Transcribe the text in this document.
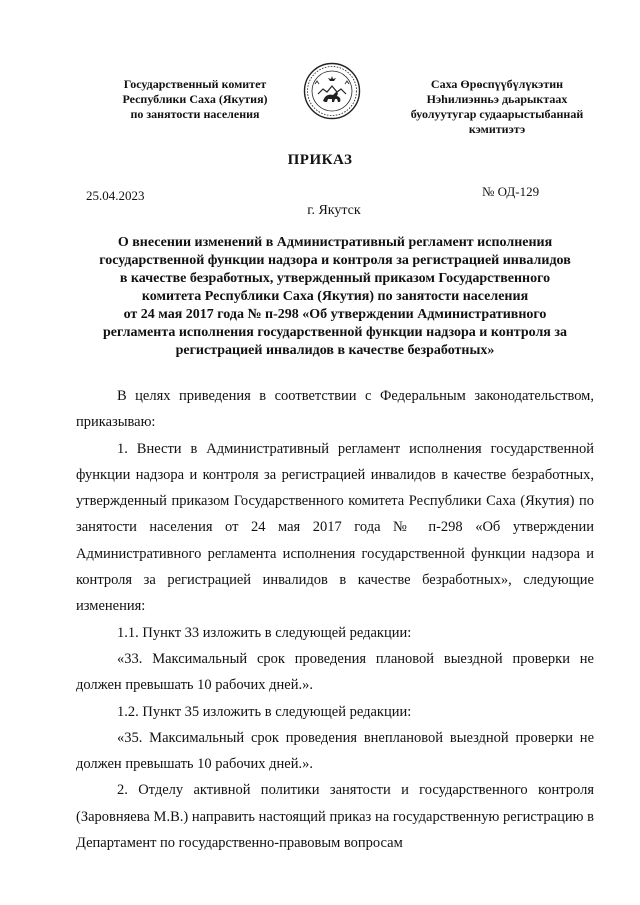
Государственный комитет
Республики Саха (Якутия)
по занятости населения
Саха Өрөспүүбүлүкэтин
Нэһилиэнньэ дьарыктаах
буолуутугар судаарыстыбаннай
кэмитиэтэ
ПРИКАЗ
25.04.2023	№ ОД-129
г. Якутск
О внесении изменений в Административный регламент исполнения
государственной функции надзора и контроля за регистрацией инвалидов
в качестве безработных, утвержденный приказом Государственного
комитета Республики Саха (Якутия) по занятости населения
от 24 мая 2017 года № п-298 «Об утверждении Административного
регламента исполнения государственной функции надзора и контроля за
регистрацией инвалидов в качестве безработных»

В целях приведения в соответствии с Федеральным законодательством, приказываю:

1. Внести в Административный регламент исполнения государственной функции надзора и контроля за регистрацией инвалидов в качестве безработных, утвержденный приказом Государственного комитета Республики Саха (Якутия) по занятости населения от 24 мая 2017 года № п-298 «Об утверждении Административного регламента исполнения государственной функции надзора и контроля за регистрацией инвалидов в качестве безработных», следующие изменения:

1.1. Пункт 33 изложить в следующей редакции:

«33. Максимальный срок проведения плановой выездной проверки не должен превышать 10 рабочих дней.».

1.2. Пункт 35 изложить в следующей редакции:

«35. Максимальный срок проведения внеплановой выездной проверки не должен превышать 10 рабочих дней.».

2. Отделу активной политики занятости и государственного контроля (Заровняева М.В.) направить настоящий приказ на государственную регистрацию в Департамент по государственно-правовым вопросам
